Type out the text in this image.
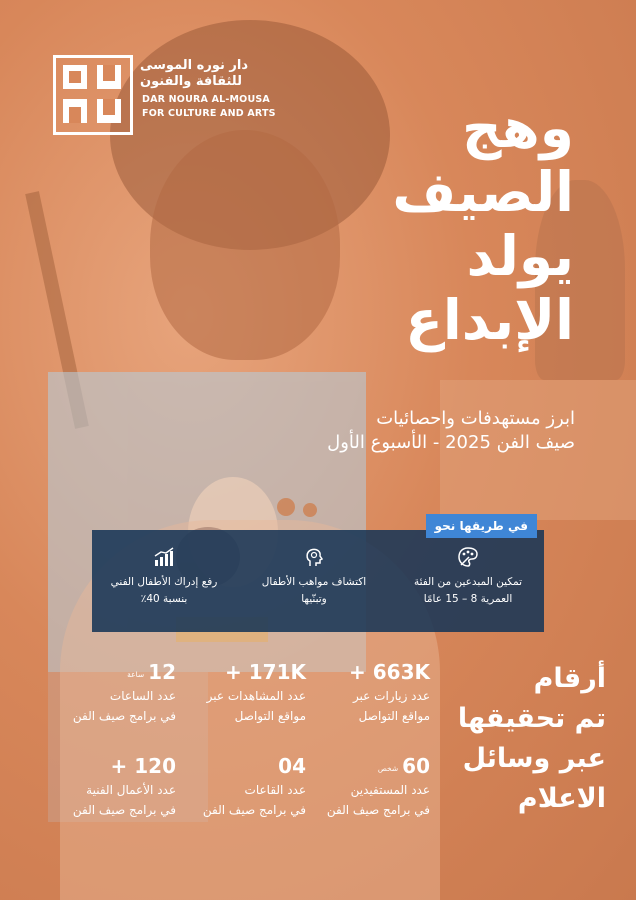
دار نوره الموسى
للثقافة والفنون
DAR NOURA AL-MOUSA
FOR CULTURE AND ARTS	وهج
الصيف
يولد
الإبداع
ابرز مستهدفات واحصائيات
صيف الفن 2025 - الأسبوع الأول
رفع إدراك الأطفال الفني
بنسبة 40٪
اكتشاف مواهب الأطفال
وتبنّيها
تمكين المبدعين من الفئة
العمرية 8 – 15 عامًا
في طريقها نحو
أرقام
تم تحقيقها
عبر وسائل
الاعلام
+ 663K
عدد زيارات عبر
مواقع التواصل
+ 171K
عدد المشاهدات عبر
مواقع التواصل
12ساعة
عدد الساعات
في برامج صيف الفن
60شخص
عدد المستفيدين
في برامج صيف الفن
04
عدد القاعات
في برامج صيف الفن
+ 120
عدد الأعمال الفنية
في برامج صيف الفن
